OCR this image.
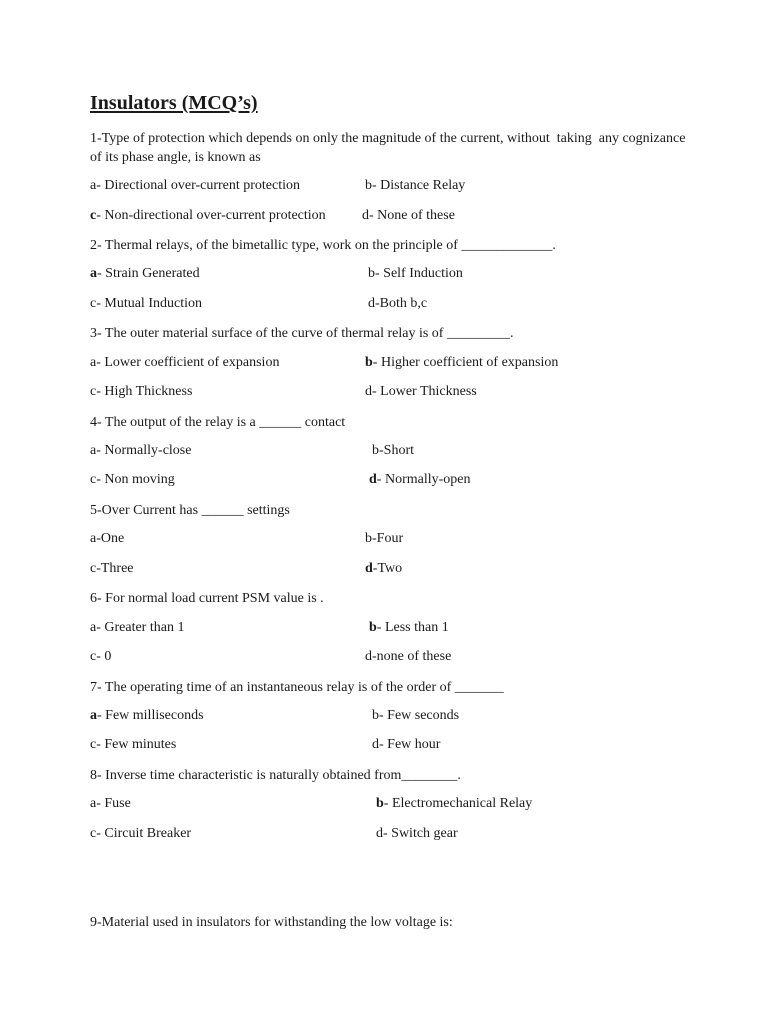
Insulators (MCQ’s)
1-Type of protection which depends on only the magnitude of the current, without  taking  any cognizance of its phase angle, is known as
a- Directional over-current protection	b- Distance Relay
c- Non-directional over-current protection	d- None of these
2- Thermal relays, of the bimetallic type, work on the principle of _____________.
a- Strain Generated	b- Self Induction
c- Mutual Induction	d-Both b,c
3- The outer material surface of the curve of thermal relay is of _________.
a- Lower coefficient of expansion	b- Higher coefficient of expansion
c- High Thickness	d- Lower Thickness
4- The output of the relay is a ______ contact
a- Normally-close	b-Short
c- Non moving	d- Normally-open
5-Over Current has ______ settings
a-One	b-Four
c-Three	d-Two
6- For normal load current PSM value is .
a- Greater than 1	b- Less than 1
c- 0	d-none of these
7- The operating time of an instantaneous relay is of the order of _______
a- Few milliseconds	b- Few seconds
c- Few minutes	d- Few hour
8- Inverse time characteristic is naturally obtained from________.
a- Fuse	b- Electromechanical Relay
c- Circuit Breaker	d- Switch gear
9-Material used in insulators for withstanding the low voltage is:
